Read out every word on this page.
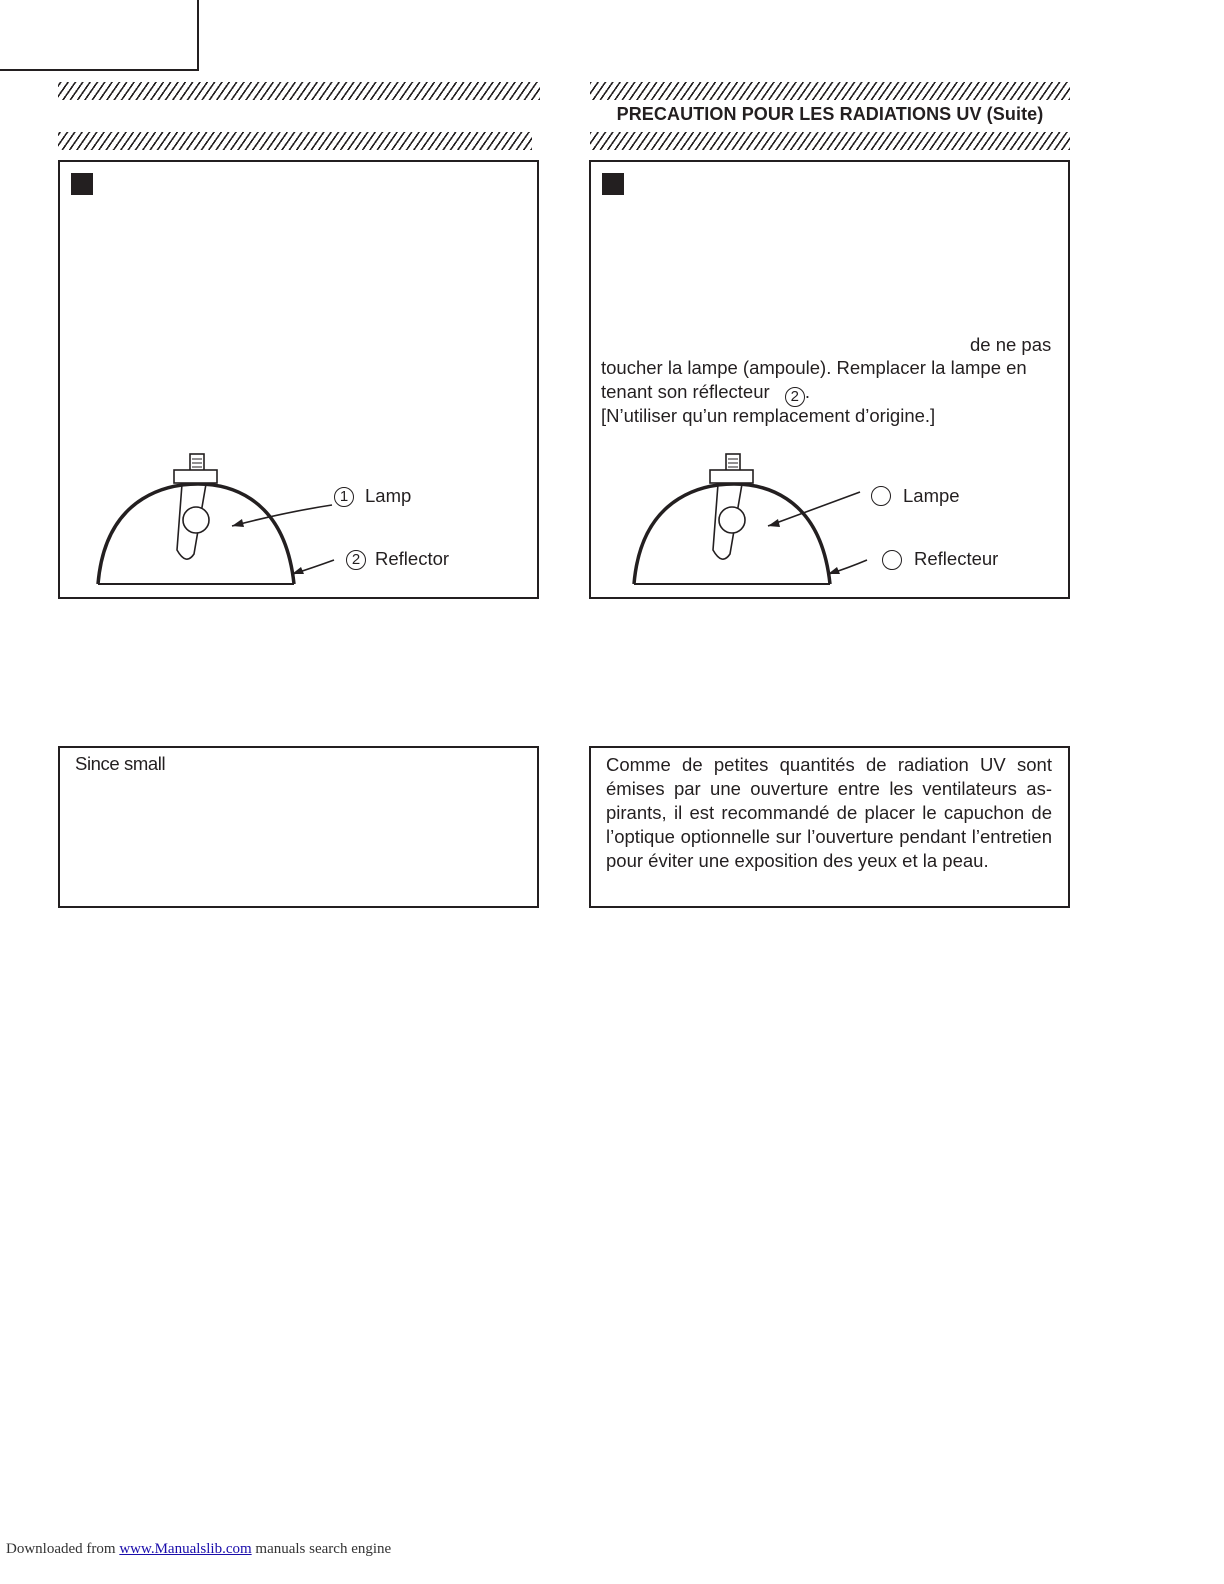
PRECAUTION POUR LES RADIATIONS UV (Suite)
1 Lamp
2 Reflector
de ne pas
toucher la lampe (ampoule). Remplacer la lampe en
tenant son réflecteur 2 .
[N’utiliser qu’un remplacement d’origine.]
Lampe
Reflecteur
Since small	Comme de petites quantités de radiation UV sont émises par une ouverture entre les ventilateurs as-pirants, il est recommandé de placer le capuchon de l’optique optionnelle sur l’ouverture pendant l’entretien pour éviter une exposition des yeux et la peau.
Downloaded from www.Manualslib.com manuals search engine
